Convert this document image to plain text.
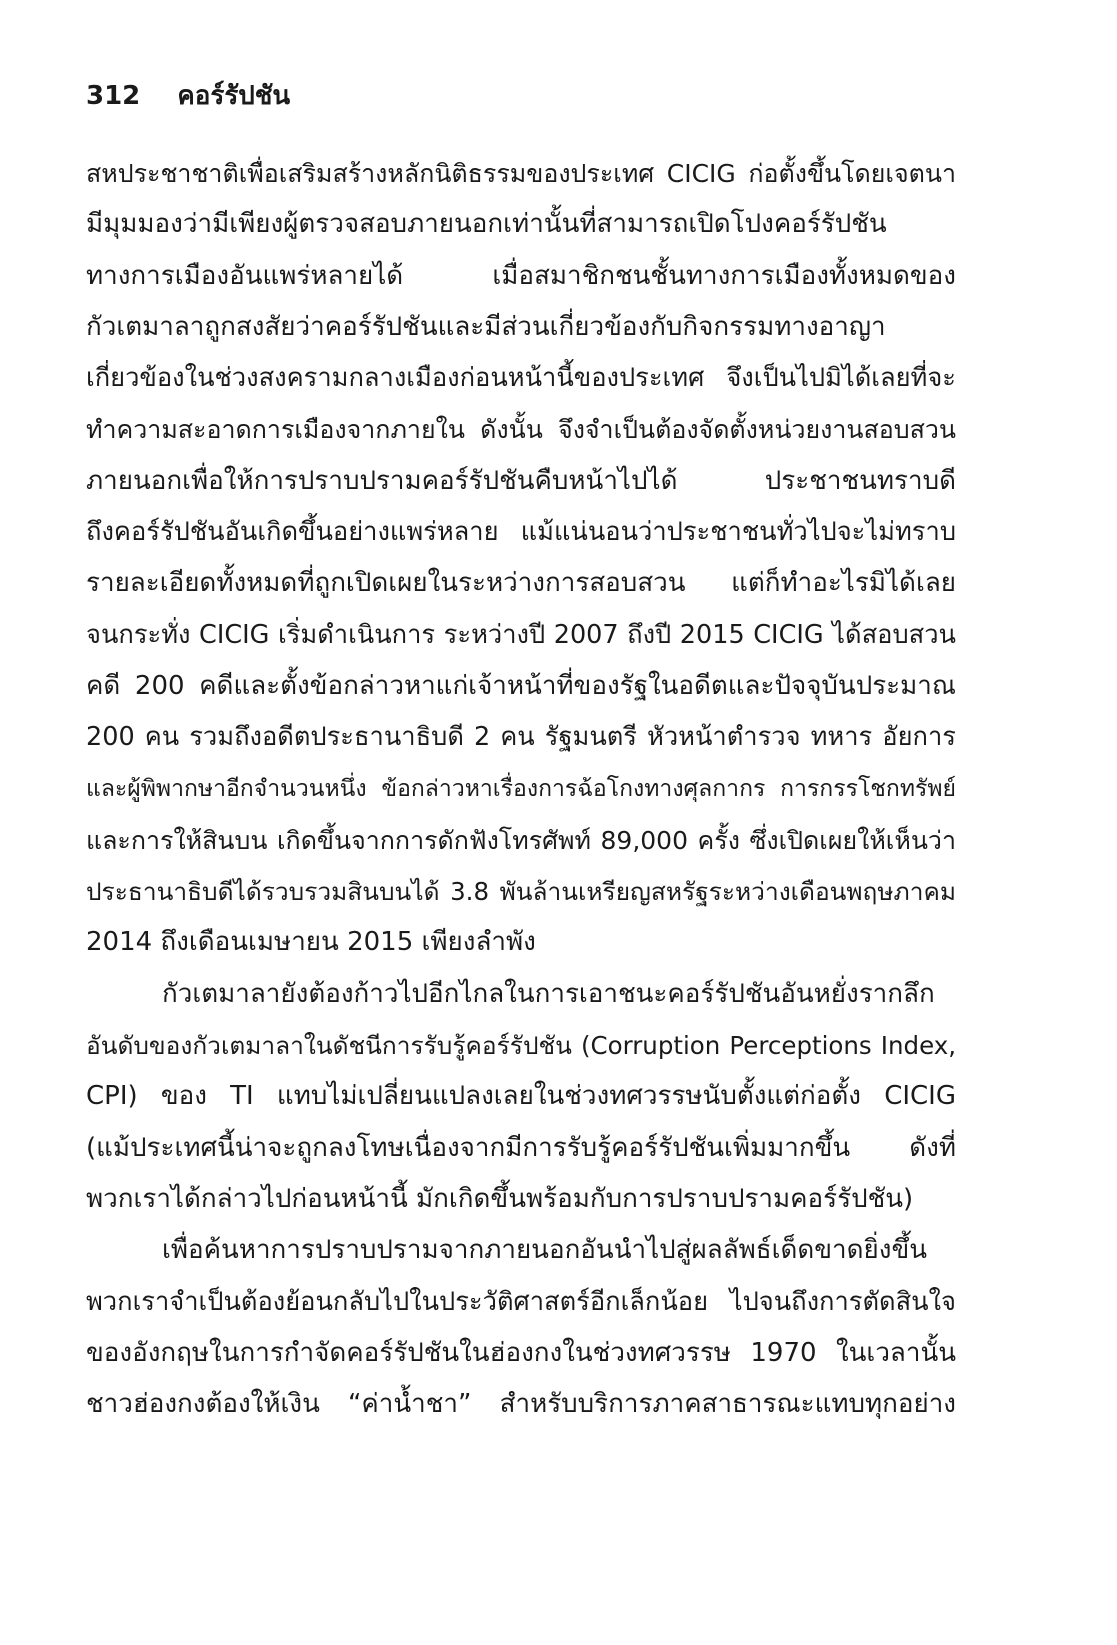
312 คอร์รัปชัน
สหประชาชาติเพื่อเสริมสร้างหลักนิติธรรมของประเทศ CICIG ก่อตั้งขึ้นโดยเจตนา
มีมุมมองว่ามีเพียงผู้ตรวจสอบภายนอกเท่านั้นที่สามารถเปิดโปงคอร์รัปชัน
ทางการเมืองอันแพร่หลายได้ เมื่อสมาชิกชนชั้นทางการเมืองทั้งหมดของ
กัวเตมาลาถูกสงสัยว่าคอร์รัปชันและมีส่วนเกี่ยวข้องกับกิจกรรมทางอาญา
เกี่ยวข้องในช่วงสงครามกลางเมืองก่อนหน้านี้ของประเทศ จึงเป็นไปมิได้เลยที่จะ
ทำความสะอาดการเมืองจากภายใน ดังนั้น จึงจำเป็นต้องจัดตั้งหน่วยงานสอบสวน
ภายนอกเพื่อให้การปราบปรามคอร์รัปชันคืบหน้าไปได้ ประชาชนทราบดี
ถึงคอร์รัปชันอันเกิดขึ้นอย่างแพร่หลาย แม้แน่นอนว่าประชาชนทั่วไปจะไม่ทราบ
รายละเอียดทั้งหมดที่ถูกเปิดเผยในระหว่างการสอบสวน แต่ก็ทำอะไรมิได้เลย
จนกระทั่ง CICIG เริ่มดำเนินการ ระหว่างปี 2007 ถึงปี 2015 CICIG ได้สอบสวน
คดี 200 คดีและตั้งข้อกล่าวหาแก่เจ้าหน้าที่ของรัฐในอดีตและปัจจุบันประมาณ
200 คน รวมถึงอดีตประธานาธิบดี 2 คน รัฐมนตรี หัวหน้าตำรวจ ทหาร อัยการ
และผู้พิพากษาอีกจำนวนหนึ่ง ข้อกล่าวหาเรื่องการฉ้อโกงทางศุลกากร การกรรโชกทรัพย์
และการให้สินบน เกิดขึ้นจากการดักฟังโทรศัพท์ 89,000 ครั้ง ซึ่งเปิดเผยให้เห็นว่า
ประธานาธิบดีได้รวบรวมสินบนได้ 3.8 พันล้านเหรียญสหรัฐระหว่างเดือนพฤษภาคม
2014 ถึงเดือนเมษายน 2015 เพียงลำพัง
กัวเตมาลายังต้องก้าวไปอีกไกลในการเอาชนะคอร์รัปชันอันหยั่งรากลึก
อันดับของกัวเตมาลาในดัชนีการรับรู้คอร์รัปชัน (Corruption Perceptions Index,
CPI) ของ TI แทบไม่เปลี่ยนแปลงเลยในช่วงทศวรรษนับตั้งแต่ก่อตั้ง CICIG
(แม้ประเทศนี้น่าจะถูกลงโทษเนื่องจากมีการรับรู้คอร์รัปชันเพิ่มมากขึ้น ดังที่
พวกเราได้กล่าวไปก่อนหน้านี้ มักเกิดขึ้นพร้อมกับการปราบปรามคอร์รัปชัน)
เพื่อค้นหาการปราบปรามจากภายนอกอันนำไปสู่ผลลัพธ์เด็ดขาดยิ่งขึ้น
พวกเราจำเป็นต้องย้อนกลับไปในประวัติศาสตร์อีกเล็กน้อย ไปจนถึงการตัดสินใจ
ของอังกฤษในการกำจัดคอร์รัปชันในฮ่องกงในช่วงทศวรรษ 1970 ในเวลานั้น
ชาวฮ่องกงต้องให้เงิน “ค่าน้ำชา” สำหรับบริการภาคสาธารณะแทบทุกอย่าง
